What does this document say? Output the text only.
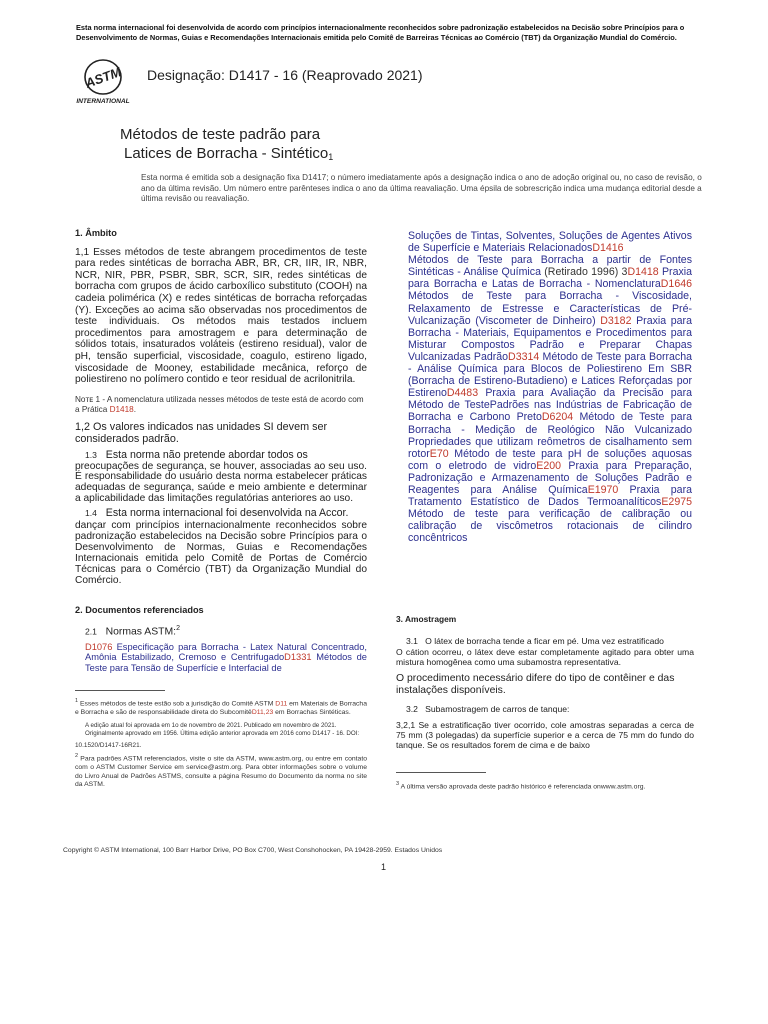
Esta norma internacional foi desenvolvida de acordo com princípios internacionalmente reconhecidos sobre padronização estabelecidos na Decisão sobre Princípios para o Desenvolvimento de Normas, Guias e Recomendações Internacionais emitida pelo Comitê de Barreiras Técnicas ao Comércio (TBT) da Organização Mundial do Comércio.
ASTM
INTERNATIONAL
Designação: D1417 - 16 (Reaprovado 2021)
Métodos de teste padrão para
Latices de Borracha - Sintético$_1$
Esta norma é emitida sob a designação fixa D1417; o número imediatamente após a designação indica o ano de adoção original ou, no caso de revisão, o ano da última revisão. Um número entre parênteses indica o ano da última reavaliação. Uma épsila de sobrescrição indica uma mudança editorial desde a última revisão ou reavaliação.
1. Âmbito
1,1 Esses métodos de teste abrangem procedimentos de teste para redes sintéticas de borracha ABR, BR, CR, IIR, IR, NBR, NCR, NIR, PBR, PSBR, SBR, SCR, SIR, redes sintéticas de borracha com grupos de ácido carboxílico substituto (COOH) na cadeia polimérica (X) e redes sintéticas de borracha reforçadas (Y). Exceções ao acima são observadas nos procedimentos de teste individuais. Os métodos mais testados incluem procedimentos para amostragem e para determinação de sólidos totais, insaturados voláteis (estireno residual), valor de pH, tensão superficial, viscosidade, coagulo, estireno ligado, viscosidade de Mooney, estabilidade mecânica, reforço de poliestireno no polímero contido e teor residual de acrilonitrila.
Nᴏᴛᴇ 1 - A nomenclatura utilizada nesses métodos de teste está de acordo com a Prática D1418.
1,2 Os valores indicados nas unidades SI devem ser considerados padrão.
1.3 Esta norma não pretende abordar todos os
preocupações de segurança, se houver, associadas ao seu uso. É responsabilidade do usuário desta norma estabelecer práticas adequadas de segurança, saúde e meio ambiente e determinar a aplicabilidade das limitações regulatórias anteriores ao uso.
1.4 Esta norma internacional foi desenvolvida na Accor.
dançar com princípios internacionalmente reconhecidos sobre padronização estabelecidos na Decisão sobre Princípios para o Desenvolvimento de Normas, Guias e Recomendações Internacionais emitida pelo Comitê de Portas de Comércio Técnicas para o Comércio (TBT) da Organização Mundial do Comércio.
2. Documentos referenciados
2.1 Normas ASTM:$^2$
D1076 Especificação para Borracha - Latex Natural Concentrado, Amônia Estabilizado, Cremoso e CentrifugadoD1331 Métodos de Teste para Tensão de Superfície e Interfacial de
$^1$ Esses métodos de teste estão sob a jurisdição do Comitê ASTM D11 em Materiais de Borracha e Borracha e são de responsabilidade direta do SubcomitêD11,23 em Borrachas Sintéticas.
A edição atual foi aprovada em 1o de novembro de 2021. Publicado em novembro de 2021. Originalmente aprovado em 1956. Última edição anterior aprovada em 2016 como D1417 - 16. DOI:
10.1520/D1417-16R21.
$^2$ Para padrões ASTM referenciados, visite o site da ASTM, www.astm.org, ou entre em contato com o ASTM Customer Service em service@astm.org. Para obter informações sobre o volume do Livro Anual de Padrões ASTMS, consulte a página Resumo do Documento da norma no site da ASTM.
Soluções de Tintas, Solventes, Soluções de Agentes Ativos de Superfície e Materiais RelacionadosD1416
Métodos de Teste para Borracha a partir de Fontes Sintéticas - Análise Química (Retirado 1996) 3D1418 Praxia para Borracha e Latas de Borracha - NomenclaturaD1646 Métodos de Teste para Borracha - Viscosidade, Relaxamento de Estresse e Características de Pré-Vulcanização (Viscometer de Dinheiro) D3182 Praxia para Borracha - Materiais, Equipamentos e Procedimentos para Misturar Compostos Padrão e Preparar Chapas Vulcanizadas PadrãoD3314 Método de Teste para Borracha - Análise Química para Blocos de Poliestireno Em SBR (Borracha de Estireno-Butadieno) e Latices Reforçadas por EstirenoD4483 Praxia para Avaliação da Precisão para Método de TestePadrões nas Indústrias de Fabricação de Borracha e Carbono PretoD6204 Método de Teste para Borracha - Medição de Reológico Não Vulcanizado Propriedades que utilizam reômetros de cisalhamento sem rotorE70 Método de teste para pH de soluções aquosas com o eletrodo de vidroE200 Praxia para Preparação, Padronização e Armazenamento de Soluções Padrão e Reagentes para Análise QuímicaE1970 Praxia para Tratamento Estatístico de Dados TermoanalíticosE2975 Método de teste para verificação de calibração ou calibração de viscômetros rotacionais de cilindro concêntricos
3. Amostragem
3.1 O látex de borracha tende a ficar em pé. Uma vez estratificado
O cátion ocorreu, o látex deve estar completamente agitado para obter uma mistura homogênea como uma subamostra representativa.
O procedimento necessário difere do tipo de contêiner e das instalações disponíveis.
3.2 Subamostragem de carros de tanque:
3,2,1 Se a estratificação tiver ocorrido, cole amostras separadas a cerca de 75 mm (3 polegadas) da superfície superior e a cerca de 75 mm do fundo do tanque. Se os resultados forem de cima e de baixo
$^3$ A última versão aprovada deste padrão histórico é referenciada onwww.astm.org.
Copyright © ASTM International, 100 Barr Harbor Drive, PO Box C700, West Conshohocken, PA 19428-2959. Estados Unidos
1
